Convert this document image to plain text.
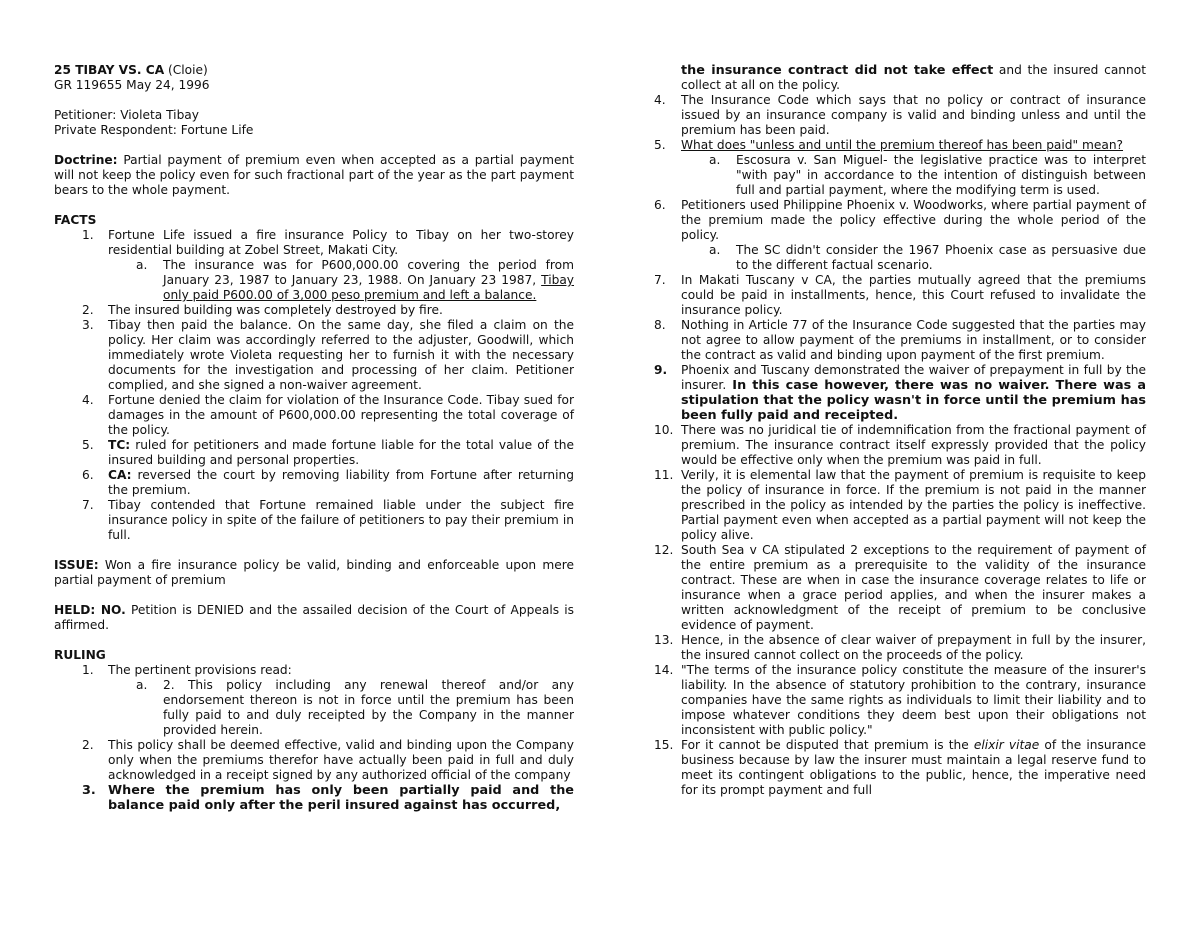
25 TIBAY VS. CA (Cloie)

GR 119655 May 24, 1996

Petitioner: Violeta Tibay

Private Respondent: Fortune Life

Doctrine: Partial payment of premium even when accepted as a partial payment will not keep the policy even for such fractional part of the year as the part payment bears to the whole payment.

FACTS

1.	Fortune Life issued a fire insurance Policy to Tibay on her two-storey residential building at Zobel Street, Makati City.
a.	The insurance was for P600,000.00 covering the period from January 23, 1987 to January 23, 1988. On January 23 1987, Tibay only paid P600.00 of 3,000 peso premium and left a balance.
2.	The insured building was completely destroyed by fire.
3.	Tibay then paid the balance. On the same day, she filed a claim on the policy. Her claim was accordingly referred to the adjuster, Goodwill, which immediately wrote Violeta requesting her to furnish it with the necessary documents for the investigation and processing of her claim. Petitioner complied, and she signed a non-waiver agreement.
4.	Fortune denied the claim for violation of the Insurance Code. Tibay sued for damages in the amount of P600,000.00 representing the total coverage of the policy.
5.	TC: ruled for petitioners and made fortune liable for the total value of the insured building and personal properties.
6.	CA: reversed the court by removing liability from Fortune after returning the premium.
7.	Tibay contended that Fortune remained liable under the subject fire insurance policy in spite of the failure of petitioners to pay their premium in full.

ISSUE: Won a fire insurance policy be valid, binding and enforceable upon mere partial payment of premium

HELD: NO. Petition is DENIED and the assailed decision of the Court of Appeals is affirmed.

RULING

1.	The pertinent provisions read:
a.	2. This policy including any renewal thereof and/or any endorsement thereon is not in force until the premium has been fully paid to and duly receipted by the Company in the manner provided herein.
2.	This policy shall be deemed effective, valid and binding upon the Company only when the premiums therefor have actually been paid in full and duly acknowledged in a receipt signed by any authorized official of the company
3. Where the premium has only been partially paid and the balance paid only after the peril insured against has occurred,

the insurance contract did not take effect and the insured cannot collect at all on the policy.

4.	The Insurance Code which says that no policy or contract of insurance issued by an insurance company is valid and binding unless and until the premium has been paid.
5.	What does "unless and until the premium thereof has been paid" mean?
a.	Escosura v. San Miguel- the legislative practice was to interpret "with pay" in accordance to the intention of distinguish between full and partial payment, where the modifying term is used.
6.	Petitioners used Philippine Phoenix v. Woodworks, where partial payment of the premium made the policy effective during the whole period of the policy.
a.	The SC didn't consider the 1967 Phoenix case as persuasive due to the different factual scenario.
7.	In Makati Tuscany v CA, the parties mutually agreed that the premiums could be paid in installments, hence, this Court refused to invalidate the insurance policy.
8.	Nothing in Article 77 of the Insurance Code suggested that the parties may not agree to allow payment of the premiums in installment, or to consider the contract as valid and binding upon payment of the first premium.
9.	Phoenix and Tuscany demonstrated the waiver of prepayment in full by the insurer. In this case however, there was no waiver. There was a stipulation that the policy wasn't in force until the premium has been fully paid and receipted.
10. There was no juridical tie of indemnification from the fractional payment of premium. The insurance contract itself expressly provided that the policy would be effective only when the premium was paid in full.
11. Verily, it is elemental law that the payment of premium is requisite to keep the policy of insurance in force. If the premium is not paid in the manner prescribed in the policy as intended by the parties the policy is ineffective. Partial payment even when accepted as a partial payment will not keep the policy alive.
12. South Sea v CA stipulated 2 exceptions to the requirement of payment of the entire premium as a prerequisite to the validity of the insurance contract. These are when in case the insurance coverage relates to life or insurance when a grace period applies, and when the insurer makes a written acknowledgment of the receipt of premium to be conclusive evidence of payment.
13. Hence, in the absence of clear waiver of prepayment in full by the insurer, the insured cannot collect on the proceeds of the policy.
14. "The terms of the insurance policy constitute the measure of the insurer's liability. In the absence of statutory prohibition to the contrary, insurance companies have the same rights as individuals to limit their liability and to impose whatever conditions they deem best upon their obligations not inconsistent with public policy."
15. For it cannot be disputed that premium is the elixir vitae of the insurance business because by law the insurer must maintain a legal reserve fund to meet its contingent obligations to the public, hence, the imperative need for its prompt payment and full
